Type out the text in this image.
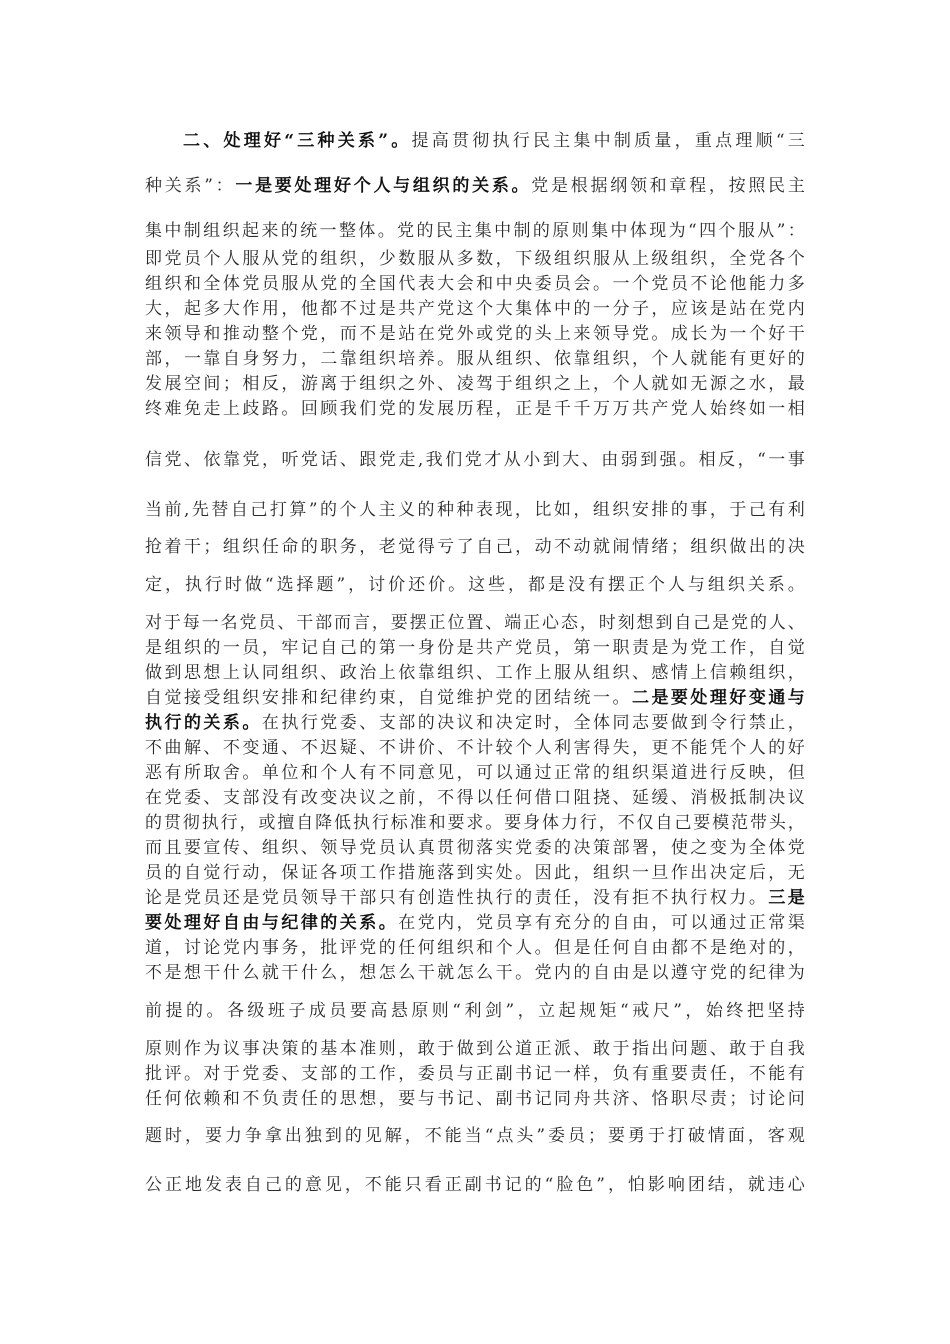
二、处理好“三种关系”。提高贯彻执行民主集中制质量，重点理顺“三
种关系”：一是要处理好个人与组织的关系。党是根据纲领和章程，按照民主
集中制组织起来的统一整体。党的民主集中制的原则集中体现为“四个服从”：
即党员个人服从党的组织，少数服从多数，下级组织服从上级组织，全党各个
组织和全体党员服从党的全国代表大会和中央委员会。一个党员不论他能力多
大，起多大作用，他都不过是共产党这个大集体中的一分子，应该是站在党内
来领导和推动整个党，而不是站在党外或党的头上来领导党。成长为一个好干
部，一靠自身努力，二靠组织培养。服从组织、依靠组织，个人就能有更好的
发展空间；相反，游离于组织之外、凌驾于组织之上，个人就如无源之水，最
终难免走上歧路。回顾我们党的发展历程，正是千千万万共产党人始终如一相
信党、依靠党，听党话、跟党走,我们党才从小到大、由弱到强。相反，“一事
当前,先替自己打算”的个人主义的种种表现，比如，组织安排的事，于己有利
抢着干；组织任命的职务，老觉得亏了自己，动不动就闹情绪；组织做出的决
定，执行时做“选择题”，讨价还价。这些，都是没有摆正个人与组织关系。
对于每一名党员、干部而言，要摆正位置、端正心态，时刻想到自己是党的人、
是组织的一员，牢记自己的第一身份是共产党员，第一职责是为党工作，自觉
做到思想上认同组织、政治上依靠组织、工作上服从组织、感情上信赖组织，
自觉接受组织安排和纪律约束，自觉维护党的团结统一。二是要处理好变通与
执行的关系。在执行党委、支部的决议和决定时，全体同志要做到令行禁止，
不曲解、不变通、不迟疑、不讲价、不计较个人利害得失，更不能凭个人的好
恶有所取舍。单位和个人有不同意见，可以通过正常的组织渠道进行反映，但
在党委、支部没有改变决议之前，不得以任何借口阻挠、延缓、消极抵制决议
的贯彻执行，或擅自降低执行标准和要求。要身体力行，不仅自己要模范带头，
而且要宣传、组织、领导党员认真贯彻落实党委的决策部署，使之变为全体党
员的自觉行动，保证各项工作措施落到实处。因此，组织一旦作出决定后，无
论是党员还是党员领导干部只有创造性执行的责任，没有拒不执行权力。三是
要处理好自由与纪律的关系。在党内，党员享有充分的自由，可以通过正常渠
道，讨论党内事务，批评党的任何组织和个人。但是任何自由都不是绝对的，
不是想干什么就干什么，想怎么干就怎么干。党内的自由是以遵守党的纪律为
前提的。各级班子成员要高悬原则“利剑”，立起规矩“戒尺”，始终把坚持
原则作为议事决策的基本准则，敢于做到公道正派、敢于指出问题、敢于自我
批评。对于党委、支部的工作，委员与正副书记一样，负有重要责任，不能有
任何依赖和不负责任的思想，要与书记、副书记同舟共济、恪职尽责；讨论问
题时，要力争拿出独到的见解，不能当“点头”委员；要勇于打破情面，客观
公正地发表自己的意见，不能只看正副书记的“脸色”，怕影响团结，就违心
